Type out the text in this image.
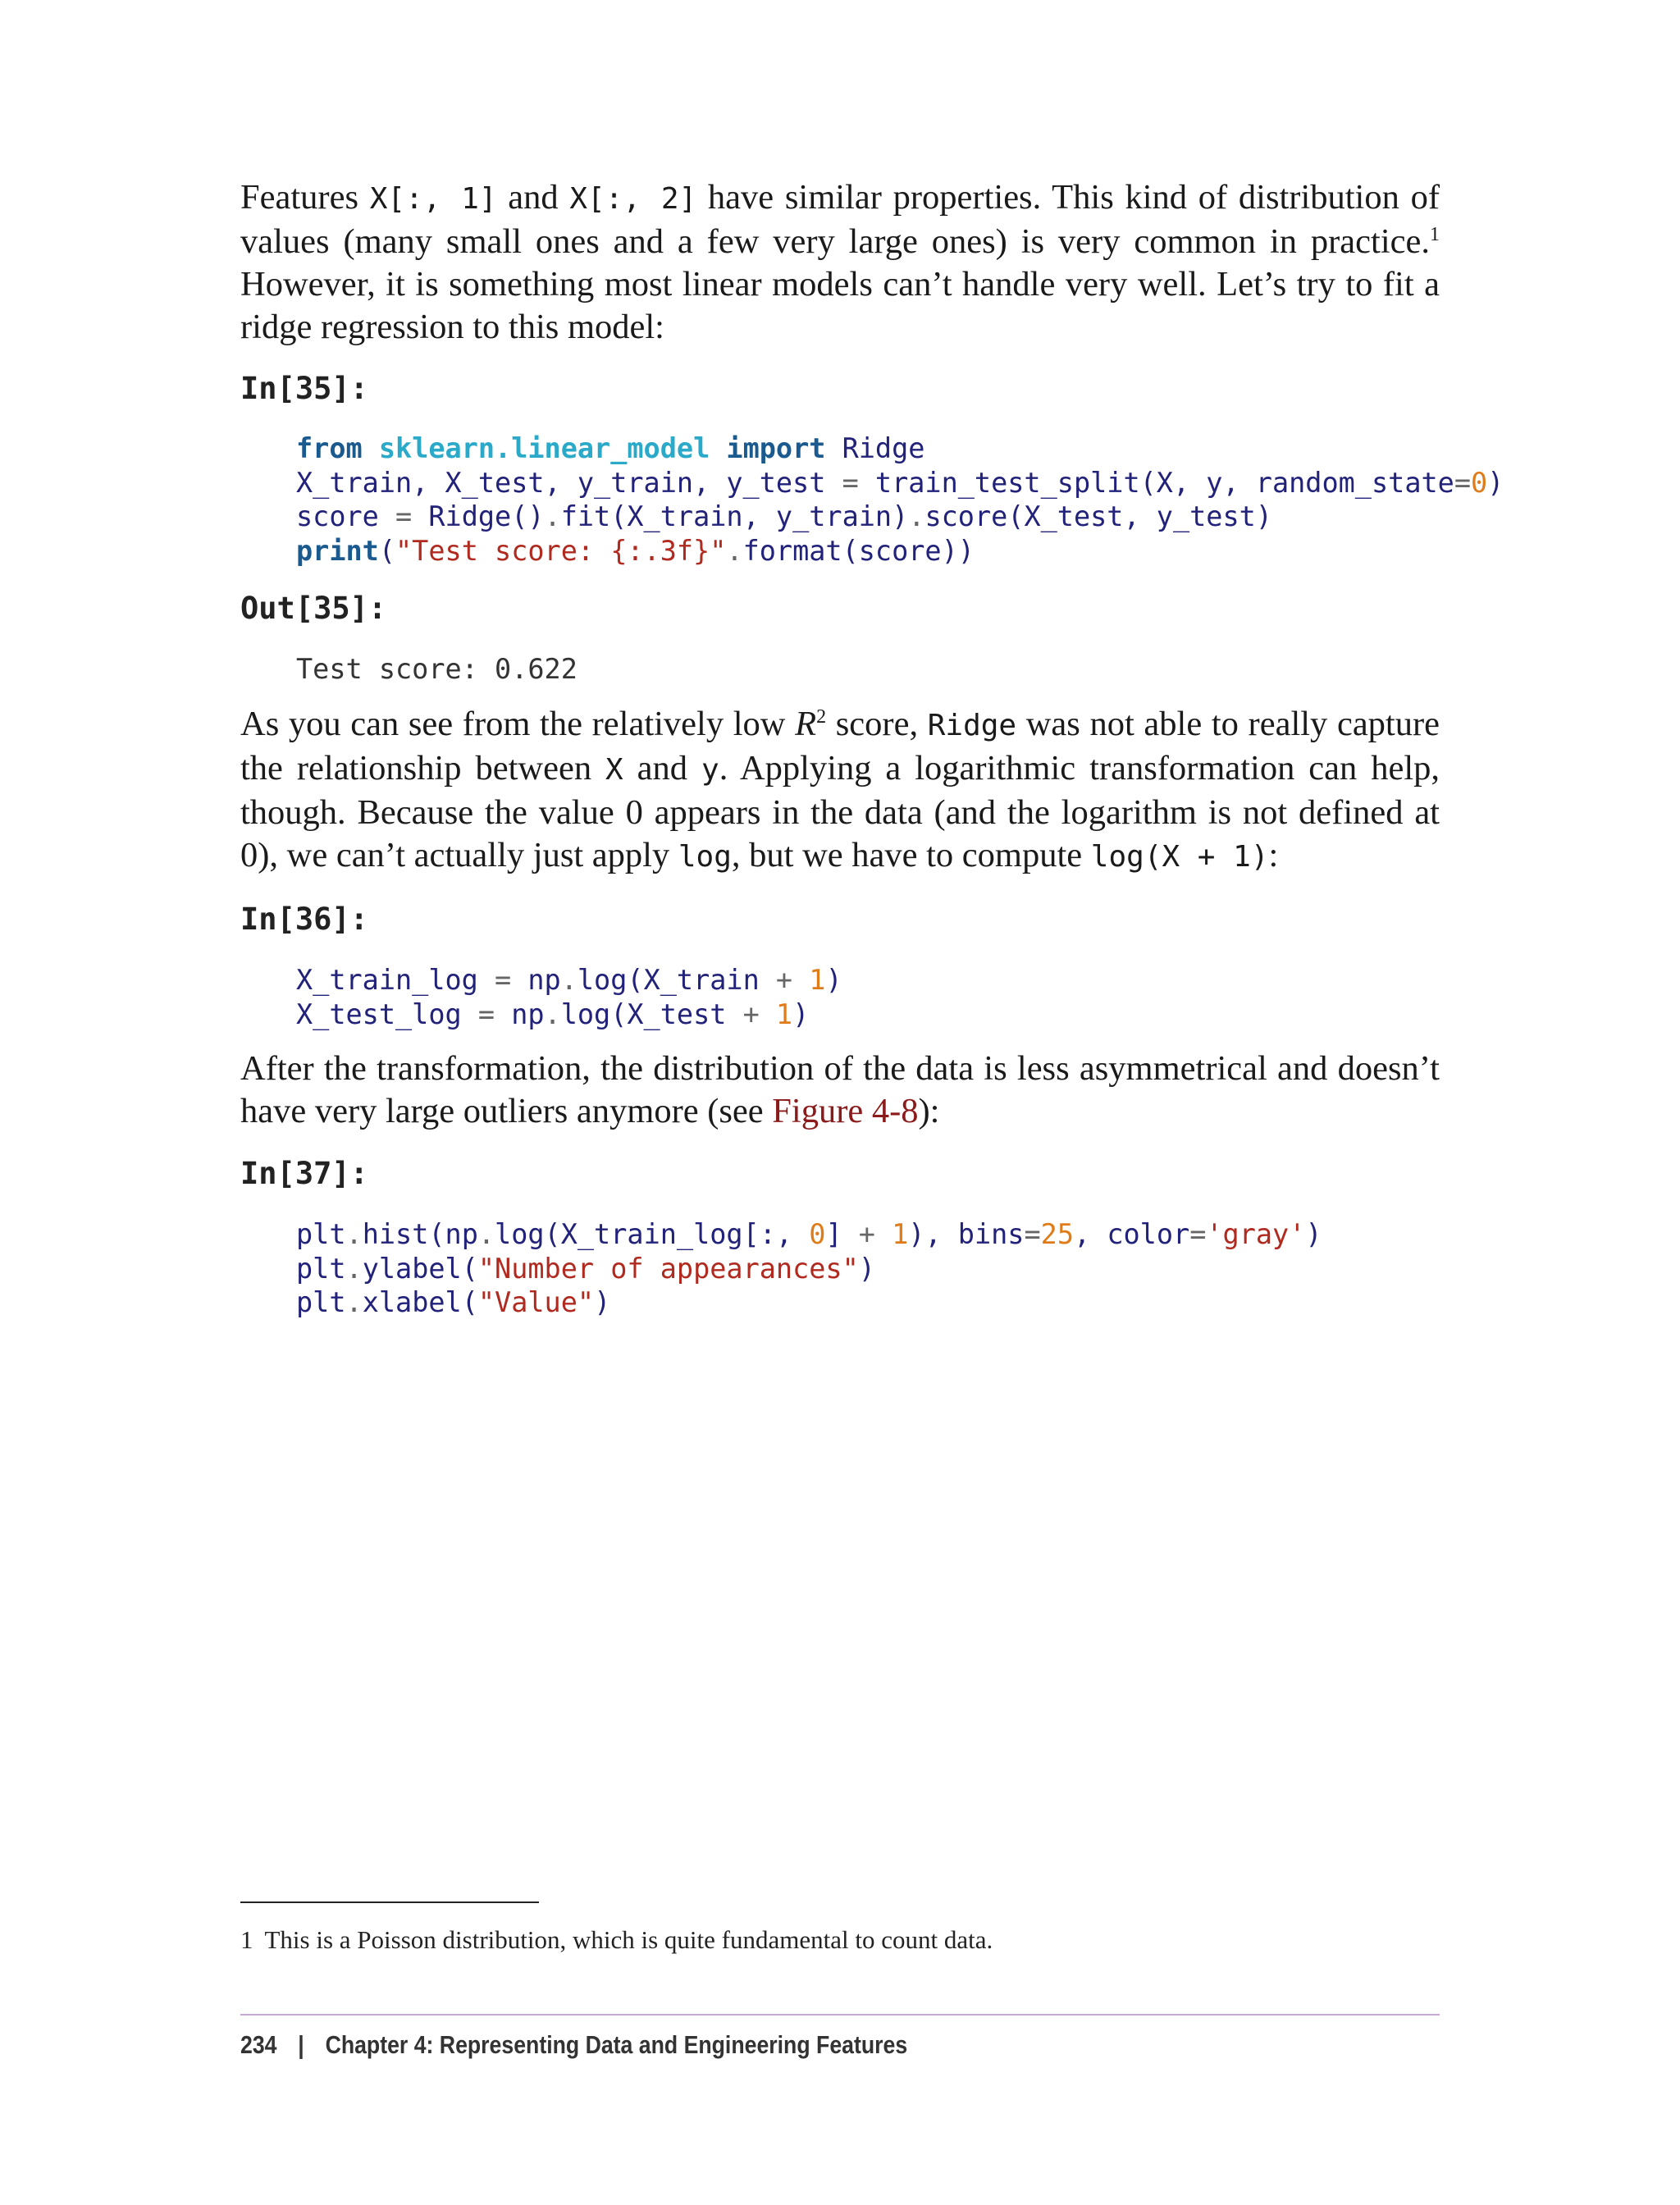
Features X[:, 1] and X[:, 2] have similar properties. This kind of distribution of values (many small ones and a few very large ones) is very common in practice.$^1$ However, it is something most linear models can’t handle very well. Let’s try to fit a ridge regression to this model:

In[35]:
from sklearn.linear_model import Ridge
X_train, X_test, y_train, y_test = train_test_split(X, y, random_state=0)
score = Ridge().fit(X_train, y_train).score(X_test, y_test)
print("Test score: {:.3f}".format(score))
Out[35]:
Test score: 0.622

As you can see from the relatively low $R^2$ score, Ridge was not able to really capture the relationship between X and y. Applying a logarithmic transformation can help, though. Because the value 0 appears in the data (and the logarithm is not defined at 0), we can’t actually just apply log, but we have to compute log(X + 1):

In[36]:
X_train_log = np.log(X_train + 1)
X_test_log = np.log(X_test + 1)

After the transformation, the distribution of the data is less asymmetrical and doesn’t have very large outliers anymore (see Figure 4-8):

In[37]:
plt.hist(np.log(X_train_log[:, 0] + 1), bins=25, color='gray')
plt.ylabel("Number of appearances")
plt.xlabel("Value")
1 This is a Poisson distribution, which is quite fundamental to count data.
234 | Chapter 4: Representing Data and Engineering Features
